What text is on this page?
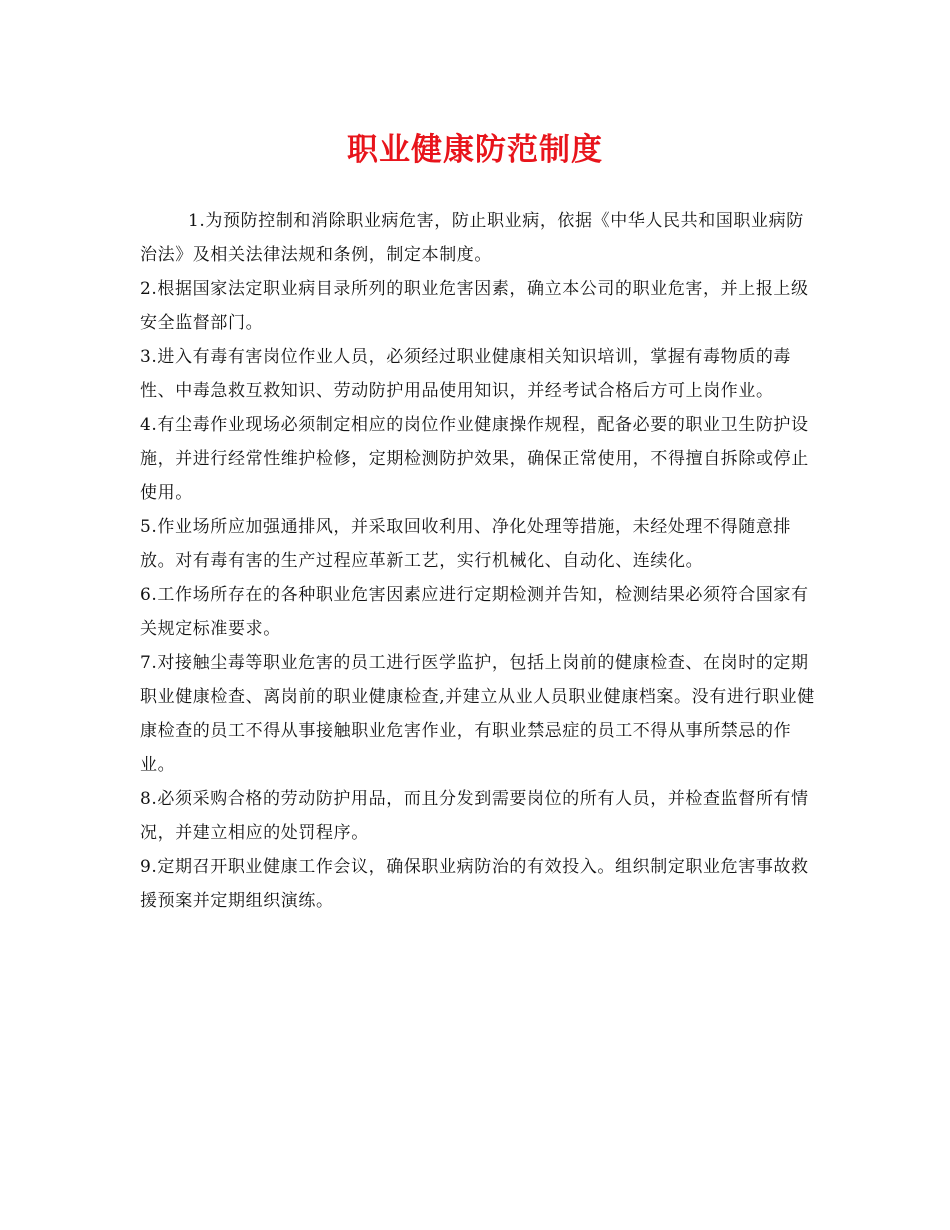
职业健康防范制度

1.为预防控制和消除职业病危害，防止职业病，依据《中华人民共和国职业病防治法》及相关法律法规和条例，制定本制度。

2.根据国家法定职业病目录所列的职业危害因素，确立本公司的职业危害，并上报上级安全监督部门。

3.进入有毒有害岗位作业人员，必须经过职业健康相关知识培训，掌握有毒物质的毒性、中毒急救互救知识、劳动防护用品使用知识，并经考试合格后方可上岗作业。

4.有尘毒作业现场必须制定相应的岗位作业健康操作规程，配备必要的职业卫生防护设施，并进行经常性维护检修，定期检测防护效果，确保正常使用，不得擅自拆除或停止使用。

5.作业场所应加强通排风，并采取回收利用、净化处理等措施，未经处理不得随意排放。对有毒有害的生产过程应革新工艺，实行机械化、自动化、连续化。

6.工作场所存在的各种职业危害因素应进行定期检测并告知，检测结果必须符合国家有关规定标准要求。

7.对接触尘毒等职业危害的员工进行医学监护，包括上岗前的健康检查、在岗时的定期职业健康检查、离岗前的职业健康检查,并建立从业人员职业健康档案。没有进行职业健康检查的员工不得从事接触职业危害作业，有职业禁忌症的员工不得从事所禁忌的作业。

8.必须采购合格的劳动防护用品，而且分发到需要岗位的所有人员，并检查监督所有情况，并建立相应的处罚程序。

9.定期召开职业健康工作会议，确保职业病防治的有效投入。组织制定职业危害事故救援预案并定期组织演练。
